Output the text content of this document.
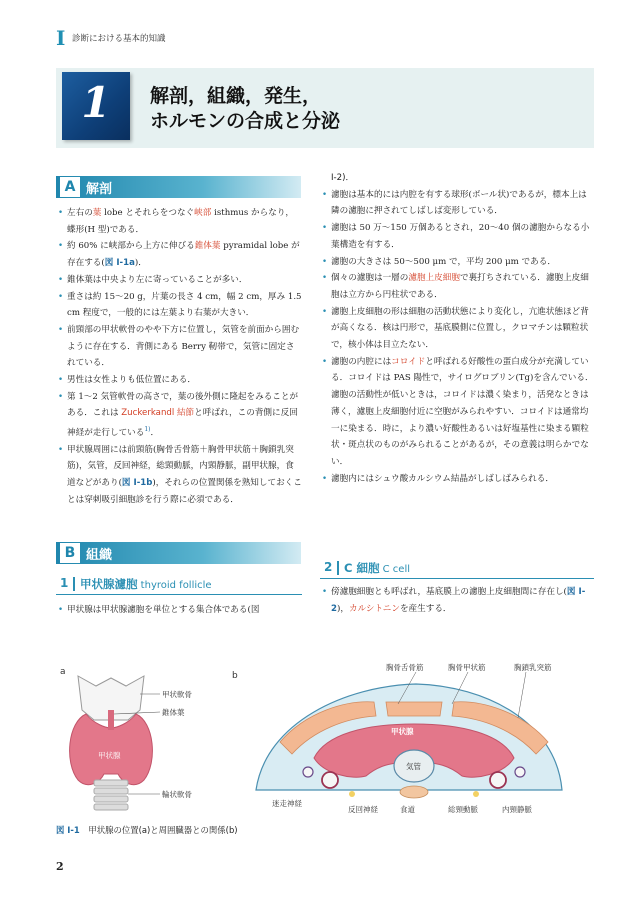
I 診断における基本的知識
1	解剖，組織，発生，
ホルモンの合成と分泌
A 解剖
• 左右の葉 lobe とそれらをつなぐ峡部 isthmus からなり，蝶形(H 型)である．
• 約 60% に峡部から上方に伸びる錐体葉 pyramidal lobe が存在する(図 I-1a)．
• 錐体葉は中央より左に寄っていることが多い．
• 重さは約 15～20 g，片葉の長さ 4 cm，幅 2 cm，厚み 1.5 cm 程度で，一般的には左葉より右葉が大きい．
• 前頸部の甲状軟骨のやや下方に位置し，気管を前面から囲むように存在する．背側にある Berry 靭帯で，気管に固定されている．
• 男性は女性よりも低位置にある．
• 第 1～2 気管軟骨の高さで，葉の後外側に隆起をみることがある．これは Zuckerkandl 結節と呼ばれ，この背側に反回神経が走行している$^{1)}$．
• 甲状腺周囲には前頸筋(胸骨舌骨筋＋胸骨甲状筋＋胸鎖乳突筋)，気管，反回神経，総頸動脈，内頸静脈，副甲状腺，食道などがあり(図 I-1b)，それらの位置関係を熟知しておくことは穿刺吸引細胞診を行う際に必須である．
B 組織
1 甲状腺濾胞 thyroid follicle
• 甲状腺は甲状腺濾胞を単位とする集合体である(図
I-2)．
• 濾胞は基本的には内腔を有する球形(ボール状)であるが，標本上は隣の濾胞に押されてしばしば変形している．
• 濾胞は 50 万～150 万個あるとされ，20～40 個の濾胞からなる小葉構造を有する．
• 濾胞の大きさは 50～500 μm で，平均 200 μm である．
• 個々の濾胞は一層の濾胞上皮細胞で裏打ちされている．濾胞上皮細胞は立方から円柱状である．
• 濾胞上皮細胞の形は細胞の活動状態により変化し，亢進状態ほど背が高くなる．核は円形で，基底膜側に位置し，クロマチンは顆粒状で，核小体は目立たない．
• 濾胞の内腔にはコロイドと呼ばれる好酸性の蛋白成分が充満している．コロイドは PAS 陽性で，サイログロブリン(Tg)を含んでいる．濾胞の活動性が低いときは，コロイドは濃く染まり，活発なときは薄く，濾胞上皮細胞付近に空胞がみられやすい．コロイドは通常均一に染まる．時に，より濃い好酸性あるいは好塩基性に染まる顆粒状・斑点状のものがみられることがあるが，その意義は明らかでない．
• 濾胞内にはシュウ酸カルシウム結晶がしばしばみられる．
2 C 細胞 C cell
• 傍濾胞細胞とも呼ばれ，基底膜上の濾胞上皮細胞間に存在し(図 I-2)，カルシトニンを産生する．
a
甲状軟骨
錐体葉
甲状腺
輪状軟骨
b
胸骨舌骨筋	胸骨甲状筋	胸鎖乳突筋
甲状腺
気管
迷走神経
反回神経	食道	総頸動脈	内頸静脈
図 I-1 甲状腺の位置(a)と周囲臓器との関係(b)
2
